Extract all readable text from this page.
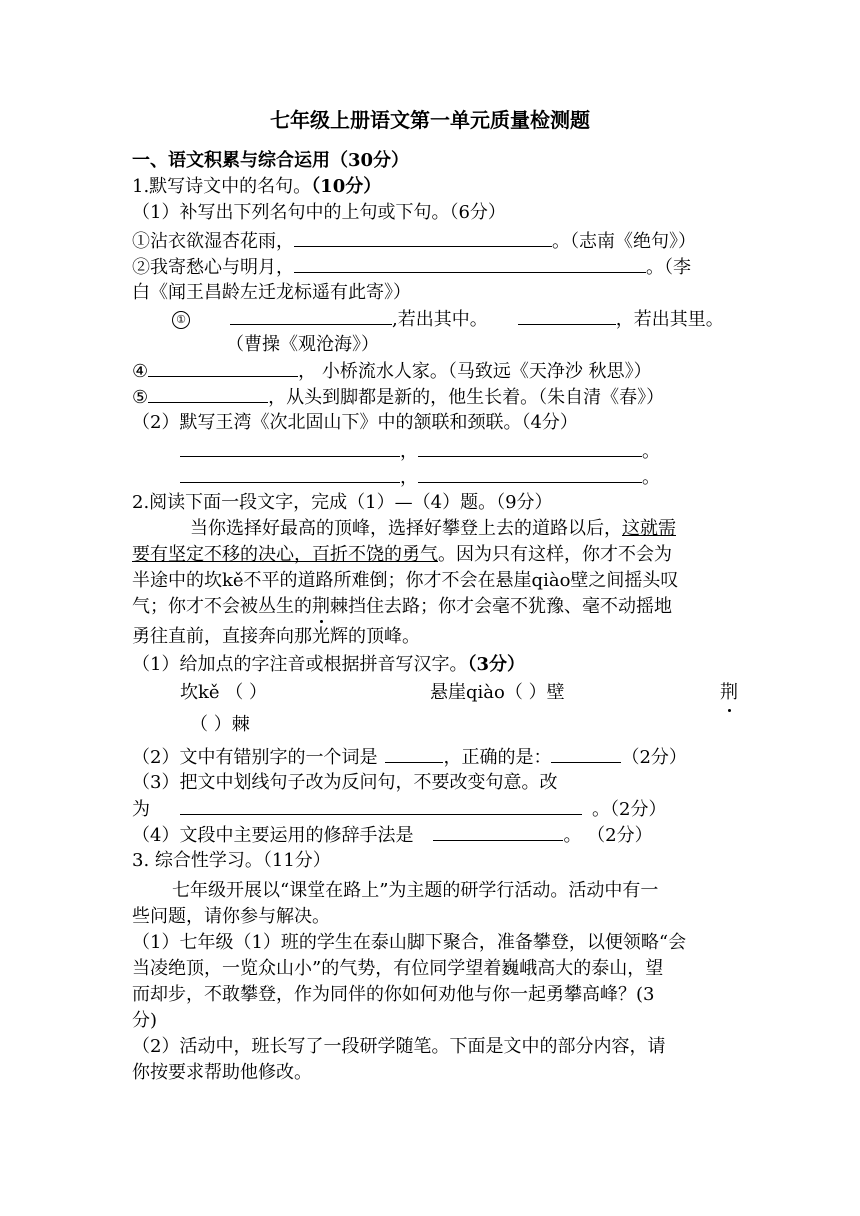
七年级上册语文第一单元质量检测题
一、语文积累与综合运用（30分）
1.默写诗文中的名句。（10分）
（1）补写出下列名句中的上句或下句。（6分）
①沾衣欲湿杏花雨，	。（志南《绝句》）
②我寄愁心与明月，	。（李
白《闻王昌龄左迁龙标遥有此寄》）
①	,若出其中。	，若出其里。
（曹操《观沧海》）
④	， 小桥流水人家。（马致远《天净沙 秋思》）
⑤	，从头到脚都是新的，他生长着。（朱自清《春》）
（2）默写王湾《次北固山下》中的颔联和颈联。（4分）
，	。
，	。
2.阅读下面一段文字，完成（1）—（4）题。（9分）
当你选择好最高的顶峰，选择好攀登上去的道路以后，这就需
要有坚定不移的决心，百折不饶的勇气。因为只有这样，你才不会为
半途中的坎kě不平的道路所难倒；你才不会在悬崖qiào壁之间摇头叹
气；你才不会被丛生的荆棘挡住去路；你才会毫不犹豫、毫不动摇地
勇往直前，直接奔向那光辉的顶峰。
（1）给加点的字注音或根据拼音写汉字。（3分）
坎kě （ ）	悬崖qiào（ ）壁	荆
（ ）棘
（2）文中有错别字的一个词是	，正确的是：	（2分）
（3）把文中划线句子改为反问句，不要改变句意。改
为	。（2分）
（4）文段中主要运用的修辞手法是	。 （2分）
3. 综合性学习。（11分）
七年级开展以“课堂在路上”为主题的研学行活动。活动中有一
些问题，请你参与解决。
（1）七年级（1）班的学生在泰山脚下聚合，准备攀登，以便领略“会
当凌绝顶，一览众山小”的气势，有位同学望着巍峨高大的泰山，望
而却步，不敢攀登，作为同伴的你如何劝他与你一起勇攀高峰？(3
分)
（2）活动中，班长写了一段研学随笔。下面是文中的部分内容，请
你按要求帮助他修改。
